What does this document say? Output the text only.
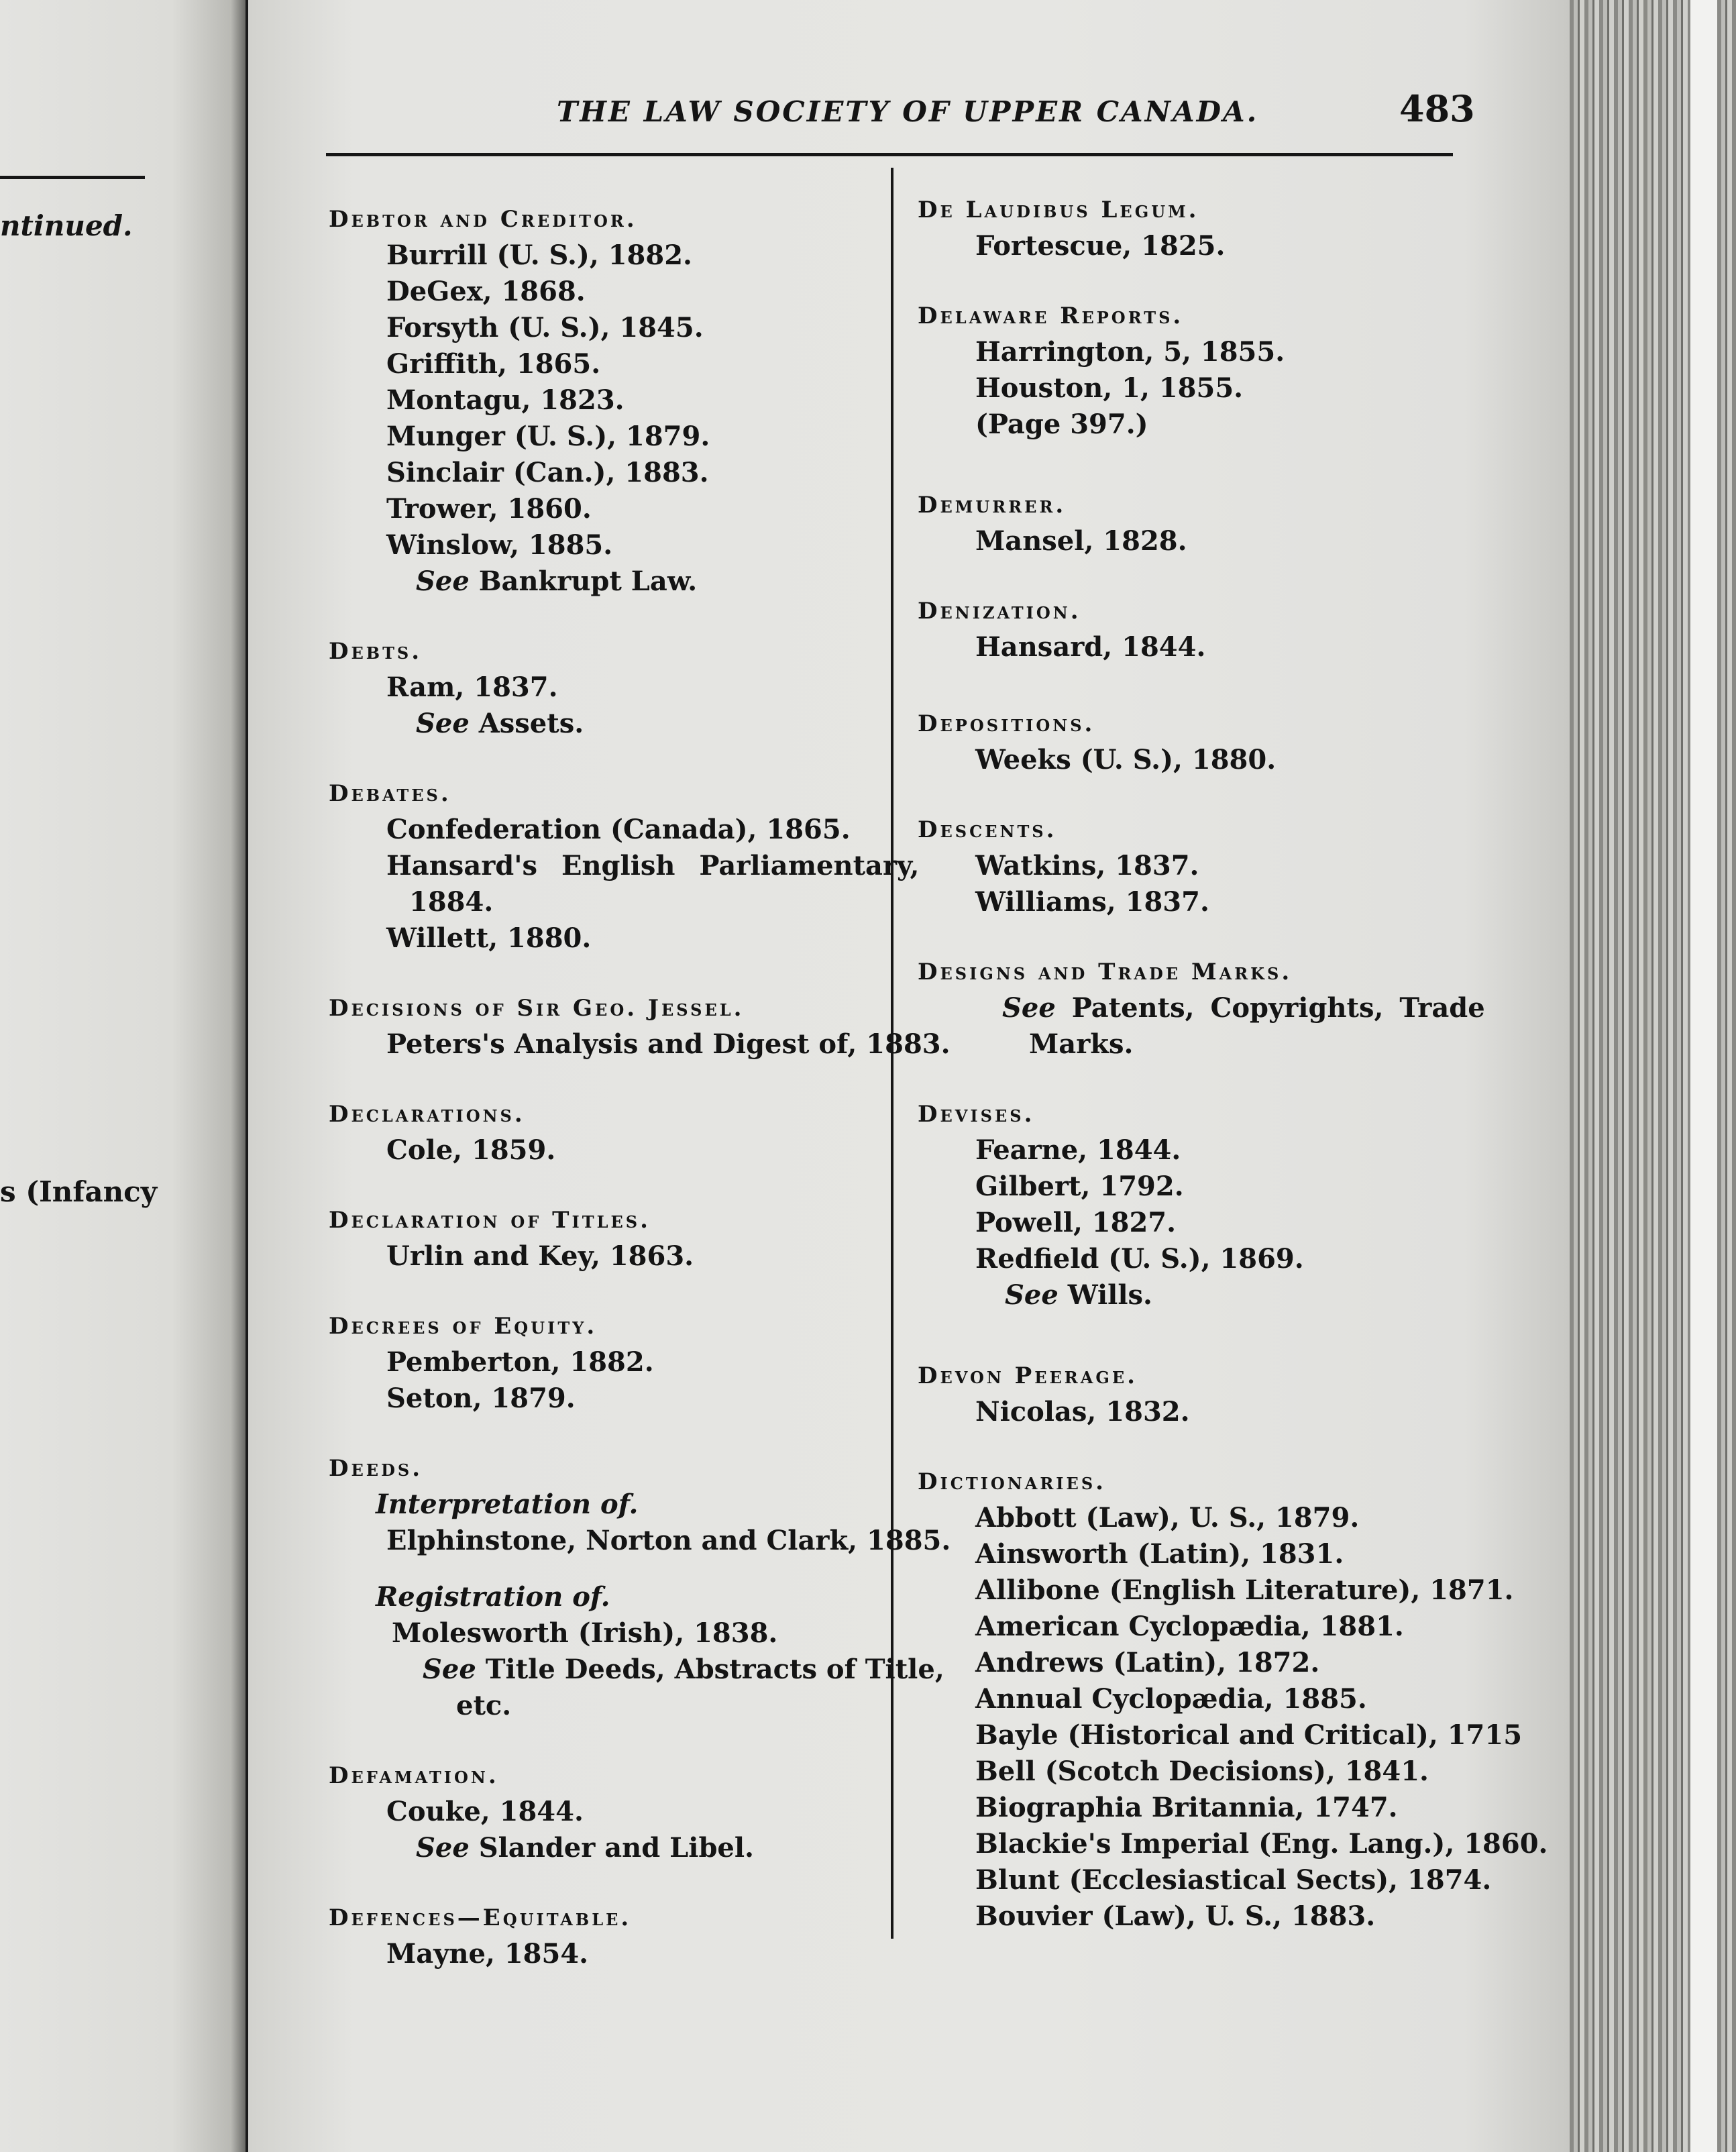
ntinued.
s (Infancy
THE LAW SOCIETY OF UPPER CANADA.	483
Debtor and Creditor.
Burrill (U. S.), 1882.
DeGex, 1868.
Forsyth (U. S.), 1845.
Griffith, 1865.
Montagu, 1823.
Munger (U. S.), 1879.
Sinclair (Can.), 1883.
Trower, 1860.
Winslow, 1885.
See Bankrupt Law.
Debts.
Ram, 1837.
See Assets.
Debates.
Confederation (Canada), 1865.
Hansard's English Parliamentary,
1884.
Willett, 1880.
Decisions of Sir Geo. Jessel.
Peters's Analysis and Digest of, 1883.
Declarations.
Cole, 1859.
Declaration of Titles.
Urlin and Key, 1863.
Decrees of Equity.
Pemberton, 1882.
Seton, 1879.
Deeds.
Interpretation of.
Elphinstone, Norton and Clark, 1885.
Registration of.
Molesworth (Irish), 1838.
See Title Deeds, Abstracts of Title,
etc.
Defamation.
Couke, 1844.
See Slander and Libel.
Defences—Equitable.
Mayne, 1854.
De Laudibus Legum.
Fortescue, 1825.
Delaware Reports.
Harrington, 5, 1855.
Houston, 1, 1855.
(Page 397.)
Demurrer.
Mansel, 1828.
Denization.
Hansard, 1844.
Depositions.
Weeks (U. S.), 1880.
Descents.
Watkins, 1837.
Williams, 1837.
Designs and Trade Marks.
See Patents, Copyrights, Trade
Marks.
Devises.
Fearne, 1844.
Gilbert, 1792.
Powell, 1827.
Redfield (U. S.), 1869.
See Wills.
Devon Peerage.
Nicolas, 1832.
Dictionaries.
Abbott (Law), U. S., 1879.
Ainsworth (Latin), 1831.
Allibone (English Literature), 1871.
American Cyclopædia, 1881.
Andrews (Latin), 1872.
Annual Cyclopædia, 1885.
Bayle (Historical and Critical), 1715
Bell (Scotch Decisions), 1841.
Biographia Britannia, 1747.
Blackie's Imperial (Eng. Lang.), 1860.
Blunt (Ecclesiastical Sects), 1874.
Bouvier (Law), U. S., 1883.
